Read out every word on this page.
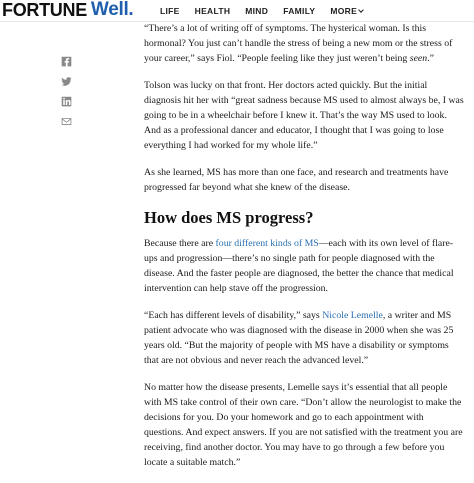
FORTUNE Well.	LIFE HEALTH MIND FAMILY MORE

“There’s a lot of writing off of symptoms. The hysterical woman. Is this hormonal? You just can’t handle the stress of being a new mom or the stress of your career,” says Fiol. “People feeling like they just weren’t being seen.”

Tolson was lucky on that front. Her doctors acted quickly. But the initial diagnosis hit her with “great sadness because MS used to almost always be, I was going to be in a wheelchair before I knew it. That’s the way MS used to look. And as a professional dancer and educator, I thought that I was going to lose everything I had worked for my whole life.”

As she learned, MS has more than one face, and research and treatments have progressed far beyond what she knew of the disease.

How does MS progress?

Because there are four different kinds of MS—each with its own level of flare-ups and progression—there’s no single path for people diagnosed with the disease. And the faster people are diagnosed, the better the chance that medical intervention can help stave off the progression.

“Each has different levels of disability,” says Nicole Lemelle, a writer and MS patient advocate who was diagnosed with the disease in 2000 when she was 25 years old. “But the majority of people with MS have a disability or symptoms that are not obvious and never reach the advanced level.”

No matter how the disease presents, Lemelle says it’s essential that all people with MS take control of their own care. “Don’t allow the neurologist to make the decisions for you. Do your homework and go to each appointment with questions. And expect answers. If you are not satisfied with the treatment you are receiving, find another doctor. You may have to go through a few before you locate a suitable match.”
